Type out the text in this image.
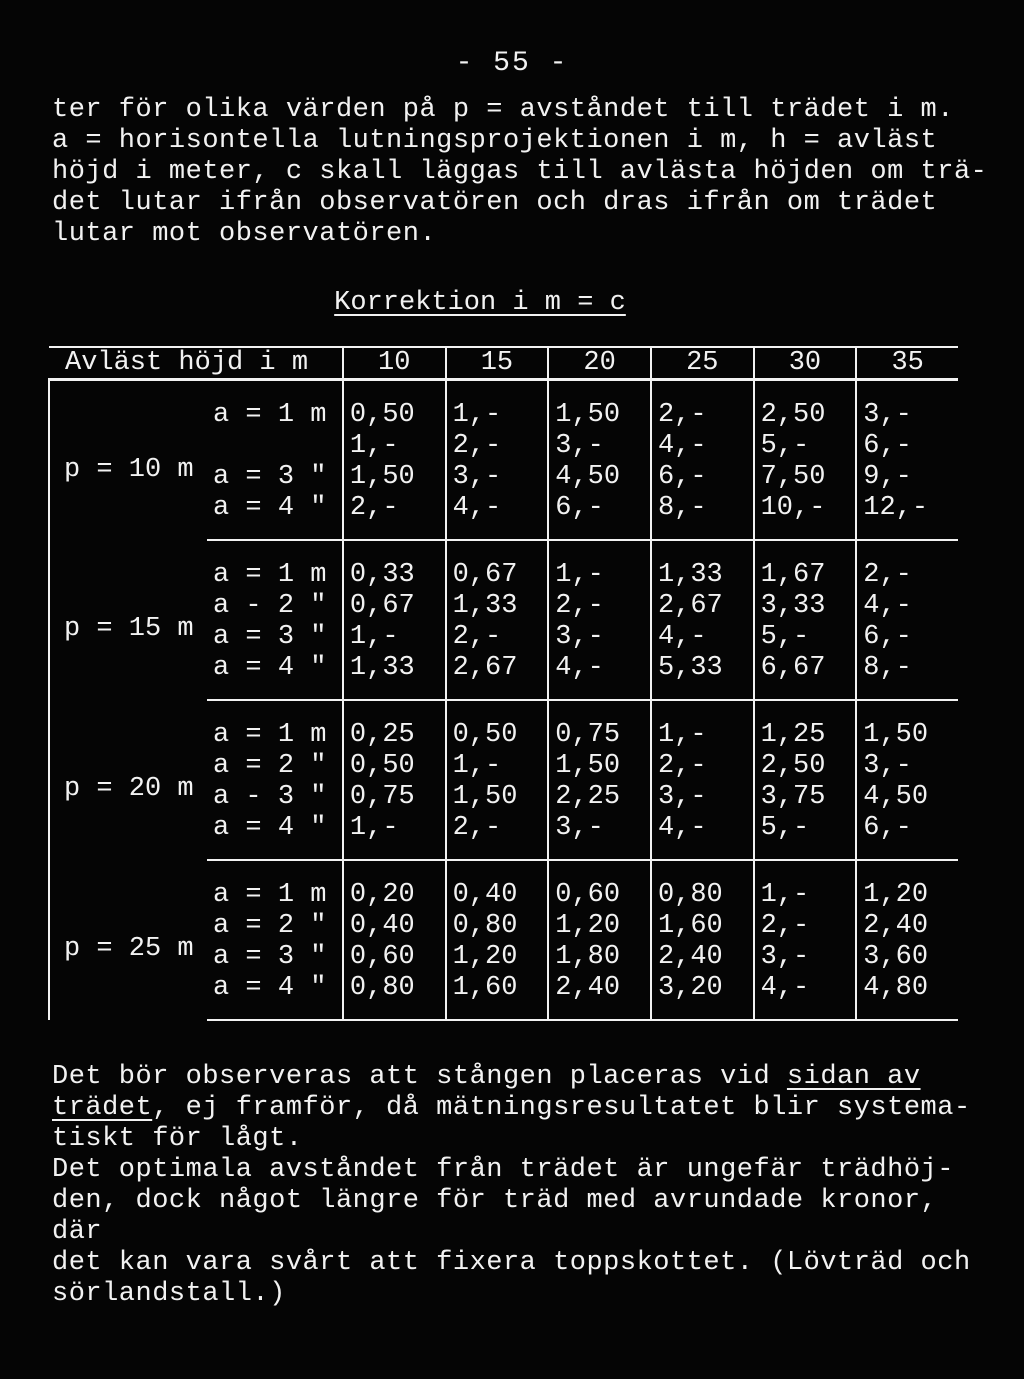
- 55 -
ter för olika värden på p = avståndet till trädet i m.
a = horisontella lutningsprojektionen i m, h = avläst
höjd i meter, c skall läggas till avlästa höjden om trä-
det lutar ifrån observatören och dras ifrån om trädet
lutar mot observatören.
Korrektion i m = c
Avläst höjd i m		10	15	20	25	30	35
p = 10 m	a = 1 m	0,50	1,-	1,50	2,-	2,50	3,-
		1,-	2,-	3,-	4,-	5,-	6,-
	a = 3 "	1,50	3,-	4,50	6,-	7,50	9,-
	a = 4 "	2,-	4,-	6,-	8,-	10,-	12,-
p = 15 m	a = 1 m	0,33	0,67	1,-	1,33	1,67	2,-
	a - 2 "	0,67	1,33	2,-	2,67	3,33	4,-
	a = 3 "	1,-	2,-	3,-	4,-	5,-	6,-
	a = 4 "	1,33	2,67	4,-	5,33	6,67	8,-
p = 20 m	a = 1 m	0,25	0,50	0,75	1,-	1,25	1,50
	a = 2 "	0,50	1,-	1,50	2,-	2,50	3,-
	a - 3 "	0,75	1,50	2,25	3,-	3,75	4,50
	a = 4 "	1,-	2,-	3,-	4,-	5,-	6,-
p = 25 m	a = 1 m	0,20	0,40	0,60	0,80	1,-	1,20
	a = 2 "	0,40	0,80	1,20	1,60	2,-	2,40
	a = 3 "	0,60	1,20	1,80	2,40	3,-	3,60
	a = 4 "	0,80	1,60	2,40	3,20	4,-	4,80
Det bör observeras att stången placeras vid sidan av
trädet, ej framför, då mätningsresultatet blir systema-
tiskt för lågt.
Det optimala avståndet från trädet är ungefär trädhöj-
den, dock något längre för träd med avrundade kronor, där
det kan vara svårt att fixera toppskottet. (Lövträd och
sörlandstall.)
